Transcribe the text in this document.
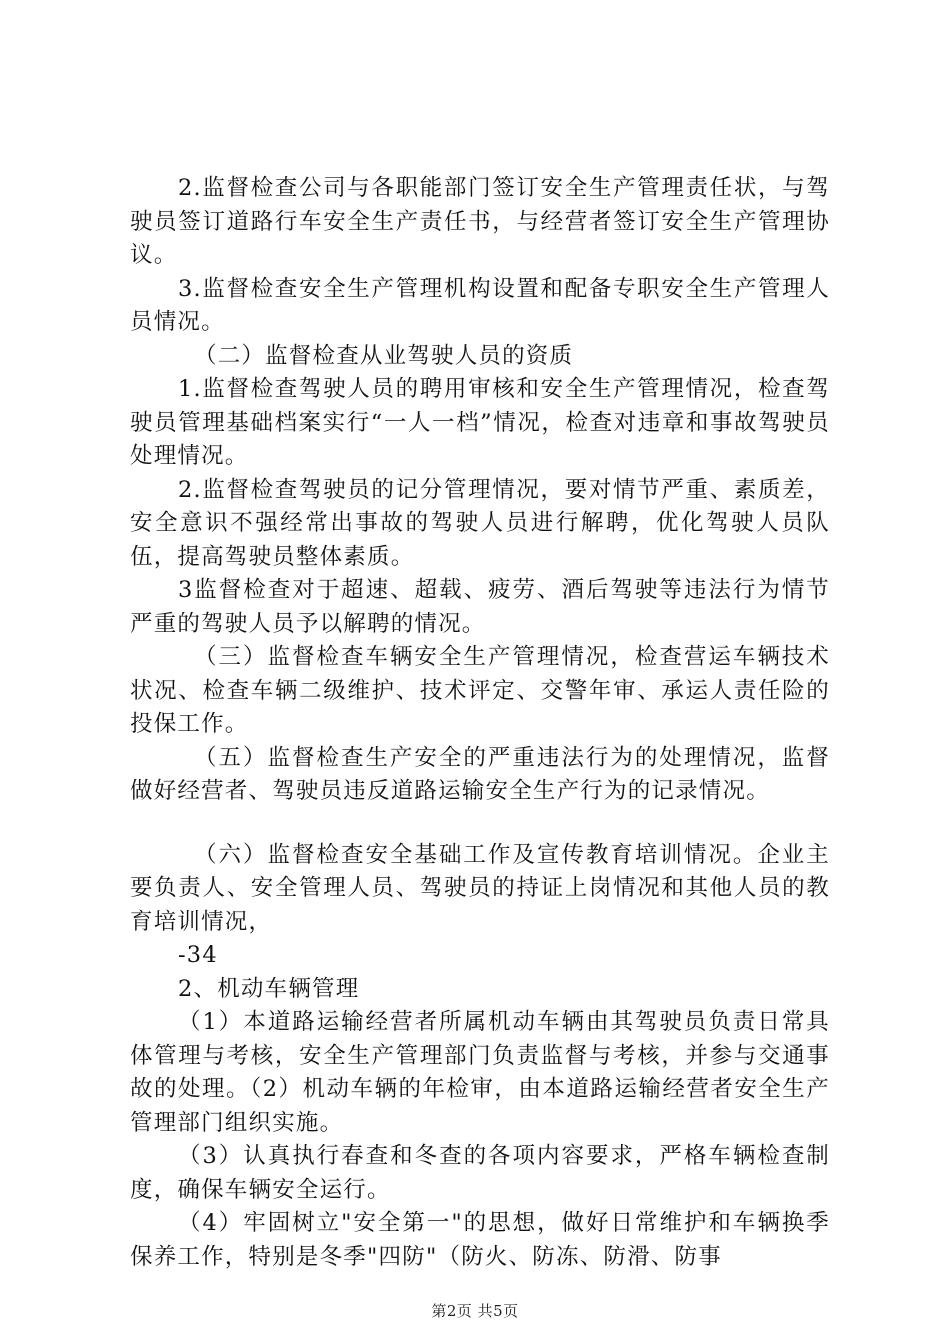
2.监督检查公司与各职能部门签订安全生产管理责任状，与驾驶员签订道路行车安全生产责任书，与经营者签订安全生产管理协议。

3.监督检查安全生产管理机构设置和配备专职安全生产管理人员情况。

（二）监督检查从业驾驶人员的资质

1.监督检查驾驶人员的聘用审核和安全生产管理情况，检查驾驶员管理基础档案实行“一人一档”情况，检查对违章和事故驾驶员处理情况。

2.监督检查驾驶员的记分管理情况，要对情节严重、素质差，安全意识不强经常出事故的驾驶人员进行解聘，优化驾驶人员队伍，提高驾驶员整体素质。

3监督检查对于超速、超载、疲劳、酒后驾驶等违法行为情节严重的驾驶人员予以解聘的情况。

（三）监督检查车辆安全生产管理情况，检查营运车辆技术状况、检查车辆二级维护、技术评定、交警年审、承运人责任险的投保工作。

（五）监督检查生产安全的严重违法行为的处理情况，监督做好经营者、驾驶员违反道路运输安全生产行为的记录情况。

（六）监督检查安全基础工作及宣传教育培训情况。企业主要负责人、安全管理人员、驾驶员的持证上岗情况和其他人员的教育培训情况，

-34

2、机动车辆管理

（1）本道路运输经营者所属机动车辆由其驾驶员负责日常具体管理与考核，安全生产管理部门负责监督与考核，并参与交通事故的处理。（2）机动车辆的年检审，由本道路运输经营者安全生产管理部门组织实施。

（3）认真执行春查和冬查的各项内容要求，严格车辆检查制度，确保车辆安全运行。

（4）牢固树立"安全第一"的思想，做好日常维护和车辆换季保养工作，特别是冬季"四防"（防火、防冻、防滑、防事

第2页 共5页
